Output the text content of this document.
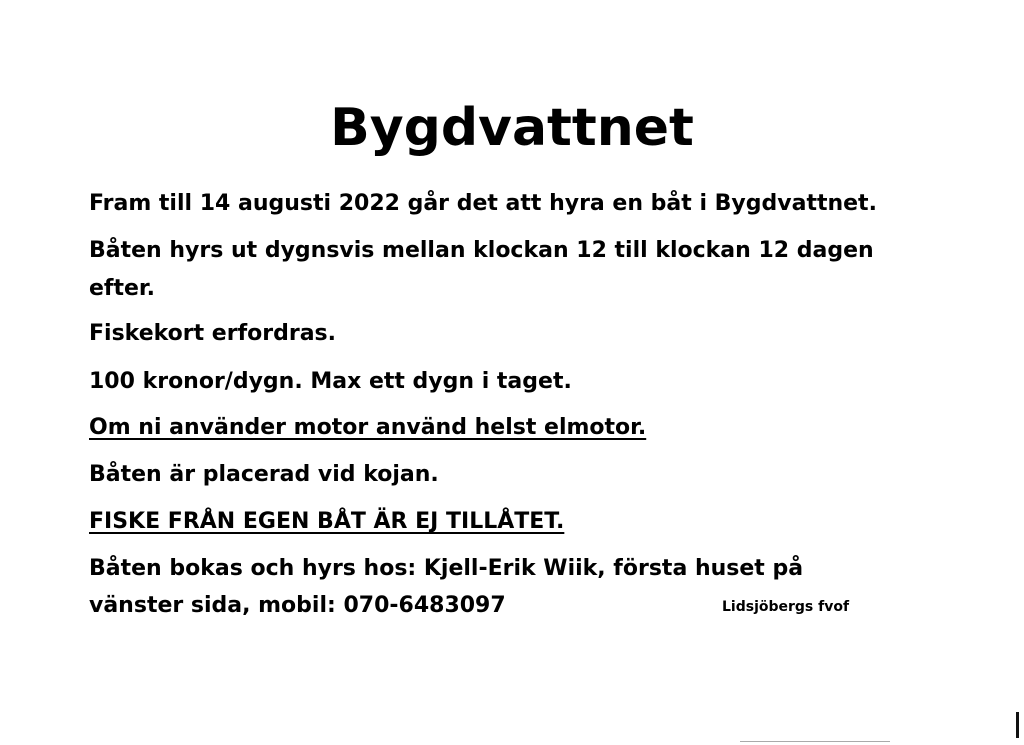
Bygdvattnet
Fram till 14 augusti 2022 går det att hyra en båt i Bygdvattnet.
Båten hyrs ut dygnsvis mellan klockan 12 till klockan 12 dagen
efter.
Fiskekort erfordras.
100 kronor/dygn. Max ett dygn i taget.
Om ni använder motor använd helst elmotor.
Båten är placerad vid kojan.
FISKE FRÅN EGEN BÅT ÄR EJ TILLÅTET.
Båten bokas och hyrs hos: Kjell-Erik Wiik, första huset på
vänster sida, mobil: 070-6483097	Lidsjöbergs fvof
